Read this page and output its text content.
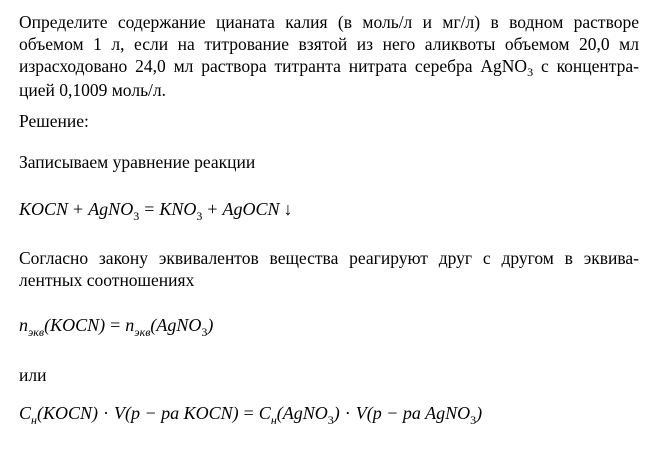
Определите содержание цианата калия (в моль/л и мг/л) в водном растворе
объемом 1 л, если на титрование взятой из него аликвоты объемом 20,0 мл
израсходовано 24,0 мл раствора титранта нитрата серебра AgNO$_3$ с концентра-
цией 0,1009 моль/л.

Решение:

Записываем уравнение реакции

KOCN + AgNO$_3$ = $KNO_3$ + AgOCN ↓

Согласно закону эквивалентов вещества реагируют друг с другом в эквива-
лентных соотношениях

$n_{экв}(KOCN)$ = $n_{экв}(AgNO_3)$

или

$C_н(KOCN) \cdot V(p$ − pa KOCN) = $C_н(AgNO_3) \cdot V(p$ − pa AgNO$_3$)
